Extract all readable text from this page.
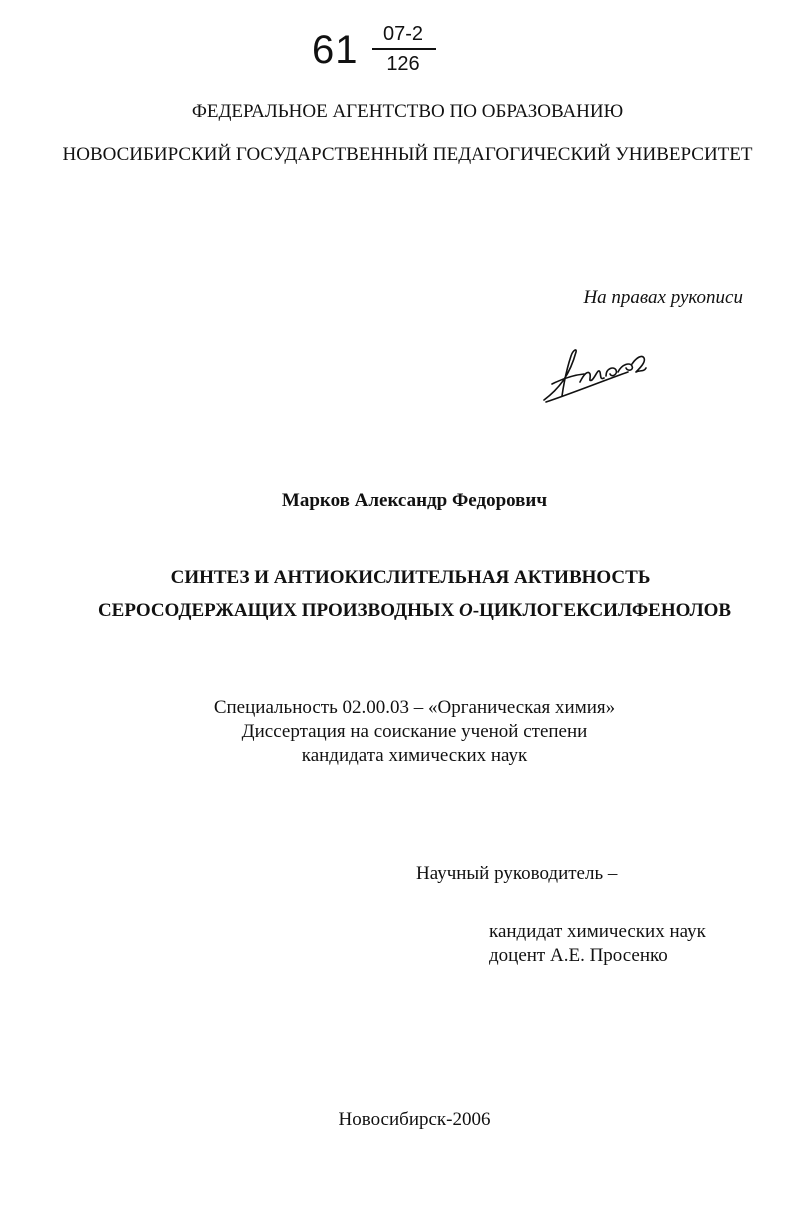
61	07-2
126
ФЕДЕРАЛЬНОЕ АГЕНТСТВО ПО ОБРАЗОВАНИЮ
НОВОСИБИРСКИЙ ГОСУДАРСТВЕННЫЙ ПЕДАГОГИЧЕСКИЙ УНИВЕРСИТЕТ
На правах рукописи
Марков Александр Федорович
СИНТЕЗ И АНТИОКИСЛИТЕЛЬНАЯ АКТИВНОСТЬ
СЕРОСОДЕРЖАЩИХ ПРОИЗВОДНЫХ О-ЦИКЛОГЕКСИЛФЕНОЛОВ
Специальность 02.00.03 – «Органическая химия»
Диссертация на соискание ученой степени
кандидата химических наук
Научный руководитель –
кандидат химических наук
доцент А.Е. Просенко
Новосибирск-2006
